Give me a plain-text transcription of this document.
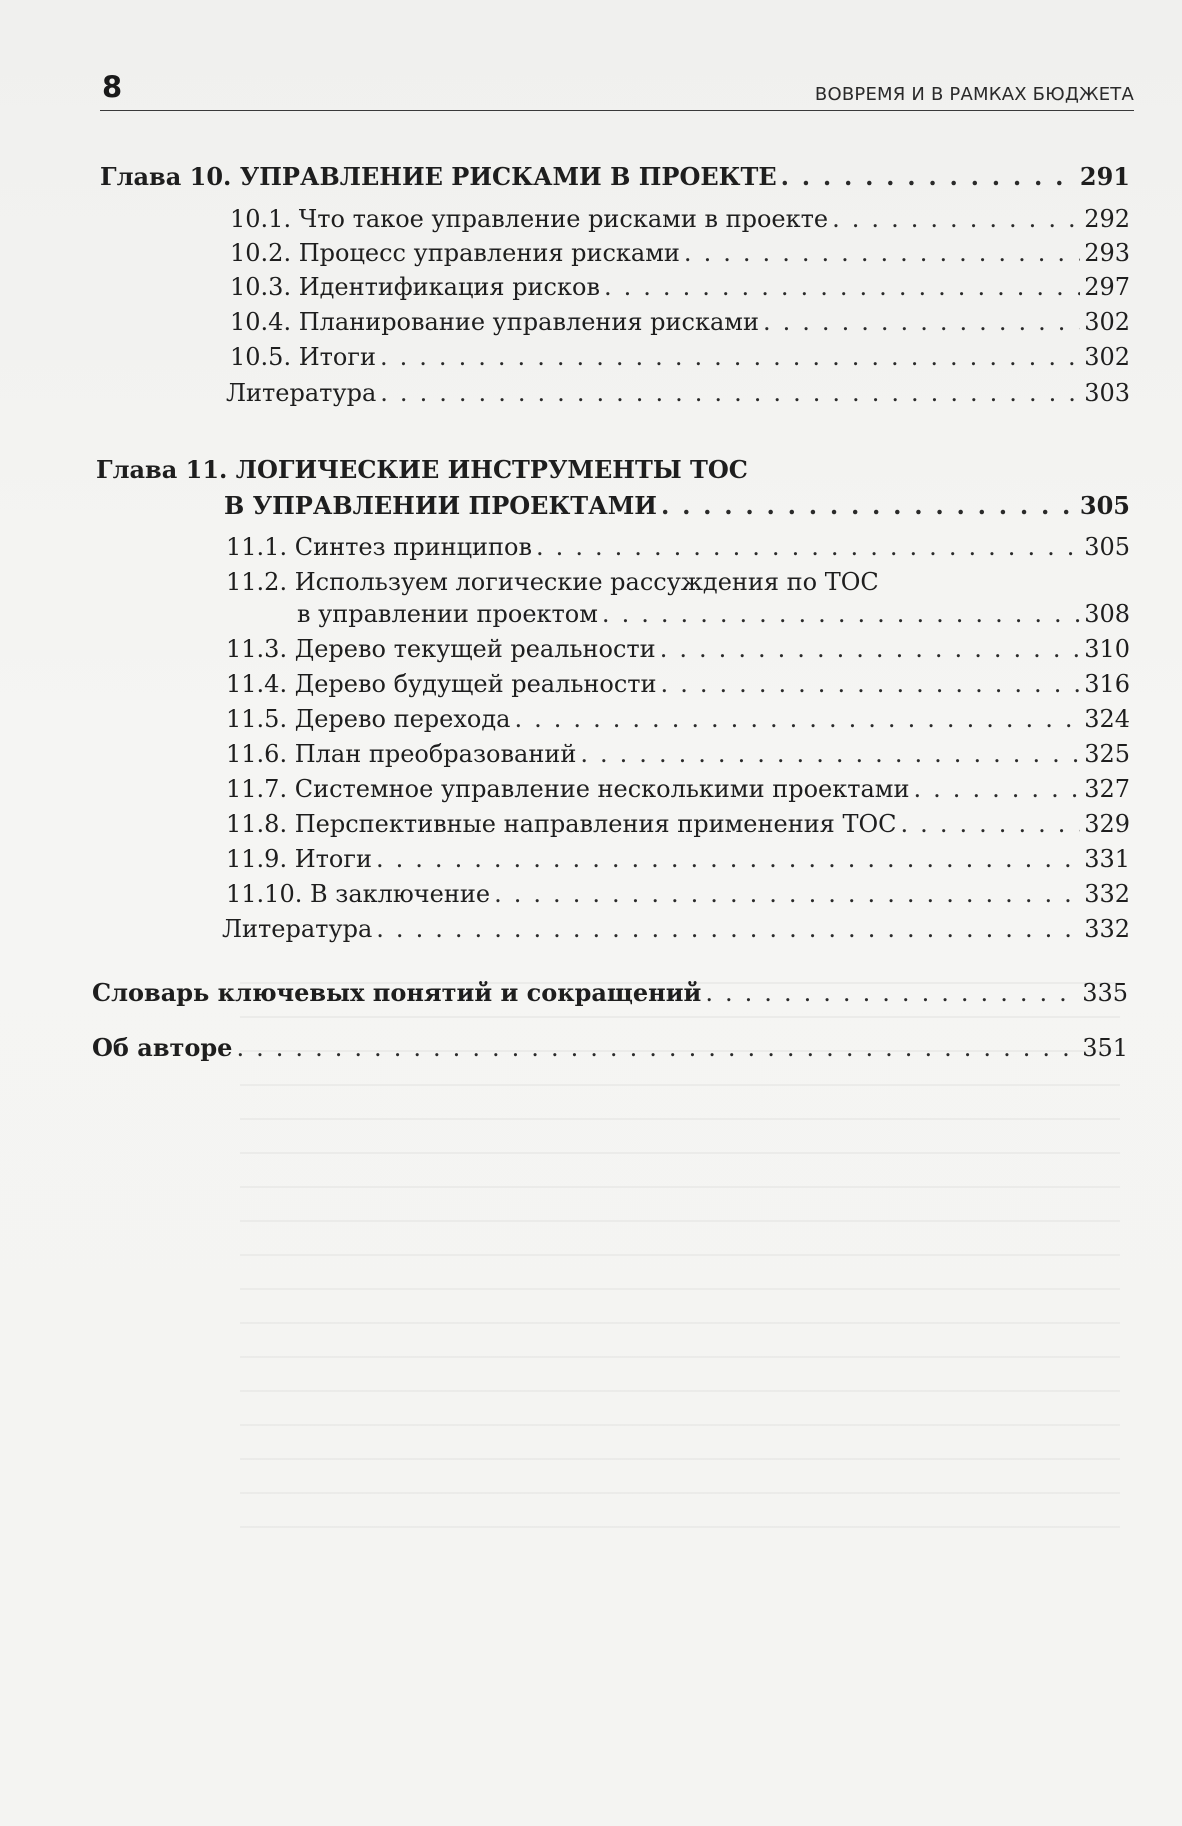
8	ВОВРЕМЯ И В РАМКАХ БЮДЖЕТА
Глава 10. УПРАВЛЕНИЕ РИСКАМИ В ПРОЕКТЕ . . .	291
10.1. Что такое управление рисками в проекте . . .	292
10.2. Процесс управления рисками . . .	293
10.3. Идентификация рисков . . .	297
10.4. Планирование управления рисками . . .	302
10.5. Итоги . . .	302
Литература . . .	303
Глава 11. ЛОГИЧЕСКИЕ ИНСТРУМЕНТЫ ТОС
В УПРАВЛЕНИИ ПРОЕКТАМИ . . .	305
11.1. Синтез принципов . . .	305
11.2. Используем логические рассуждения по ТОС
в управлении проектом . . .	308
11.3. Дерево текущей реальности . . .	310
11.4. Дерево будущей реальности . . .	316
11.5. Дерево перехода . . .	324
11.6. План преобразований . . .	325
11.7. Системное управление несколькими проектами . . .	327
11.8. Перспективные направления применения ТОС . . .	329
11.9. Итоги . . .	331
11.10. В заключение . . .	332
Литература . . .	332
Словарь ключевых понятий и сокращений . . .	335
Об авторе . . .	351
